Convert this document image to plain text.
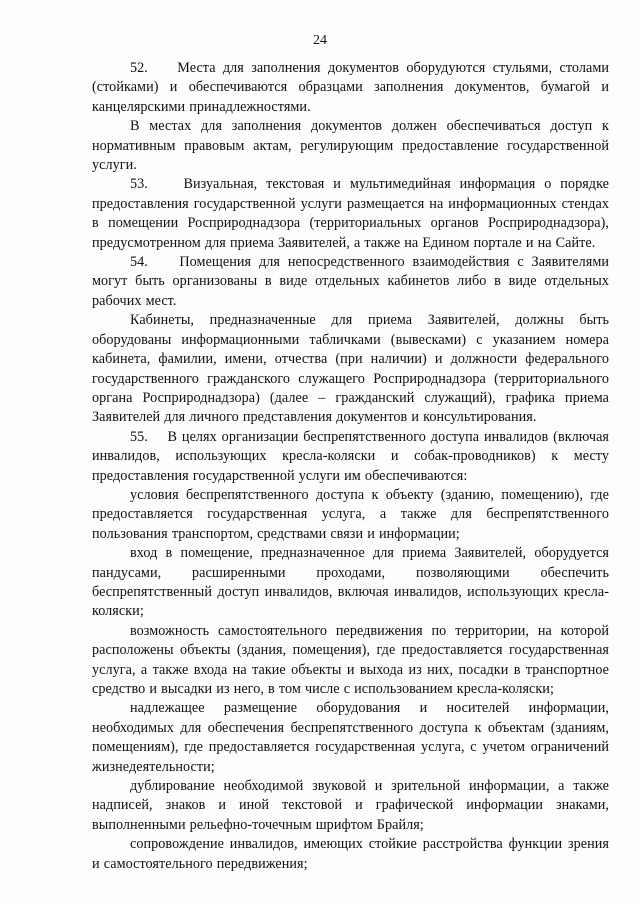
24

52.    Места для заполнения документов оборудуются стульями, столами (стойками) и обеспечиваются образцами заполнения документов, бумагой и канцелярскими принадлежностями.

В местах для заполнения документов должен обеспечиваться доступ к нормативным правовым актам, регулирующим предоставление государственной услуги.

53.    Визуальная, текстовая и мультимедийная информация о порядке предоставления государственной услуги размещается на информационных стендах в помещении Росприроднадзора (территориальных органов Росприроднадзора), предусмотренном для приема Заявителей, а также на Едином портале и на Сайте.

54.    Помещения для непосредственного взаимодействия с Заявителями могут быть организованы в виде отдельных кабинетов либо в виде отдельных рабочих мест.

Кабинеты, предназначенные для приема Заявителей, должны быть оборудованы информационными табличками (вывесками) с указанием номера кабинета, фамилии, имени, отчества (при наличии) и должности федерального государственного гражданского служащего Росприроднадзора (территориального органа Росприроднадзора) (далее – гражданский служащий), графика приема Заявителей для личного представления документов и консультирования.

55.    В целях организации беспрепятственного доступа инвалидов (включая инвалидов, использующих кресла-коляски и собак-проводников) к месту предоставления государственной услуги им обеспечиваются:

условия беспрепятственного доступа к объекту (зданию, помещению), где предоставляется государственная услуга, а также для беспрепятственного пользования транспортом, средствами связи и информации;

вход в помещение, предназначенное для приема Заявителей, оборудуется пандусами, расширенными проходами, позволяющими обеспечить беспрепятственный доступ инвалидов, включая инвалидов, использующих кресла-коляски;

возможность самостоятельного передвижения по территории, на которой расположены объекты (здания, помещения), где предоставляется государственная услуга, а также входа на такие объекты и выхода из них, посадки в транспортное средство и высадки из него, в том числе с использованием кресла-коляски;

надлежащее размещение оборудования и носителей информации, необходимых для обеспечения беспрепятственного доступа к объектам (зданиям, помещениям), где предоставляется государственная услуга, с учетом ограничений жизнедеятельности;

дублирование необходимой звуковой и зрительной информации, а также надписей, знаков и иной текстовой и графической информации знаками, выполненными рельефно-точечным шрифтом Брайля;

сопровождение инвалидов, имеющих стойкие расстройства функции зрения и самостоятельного передвижения;
